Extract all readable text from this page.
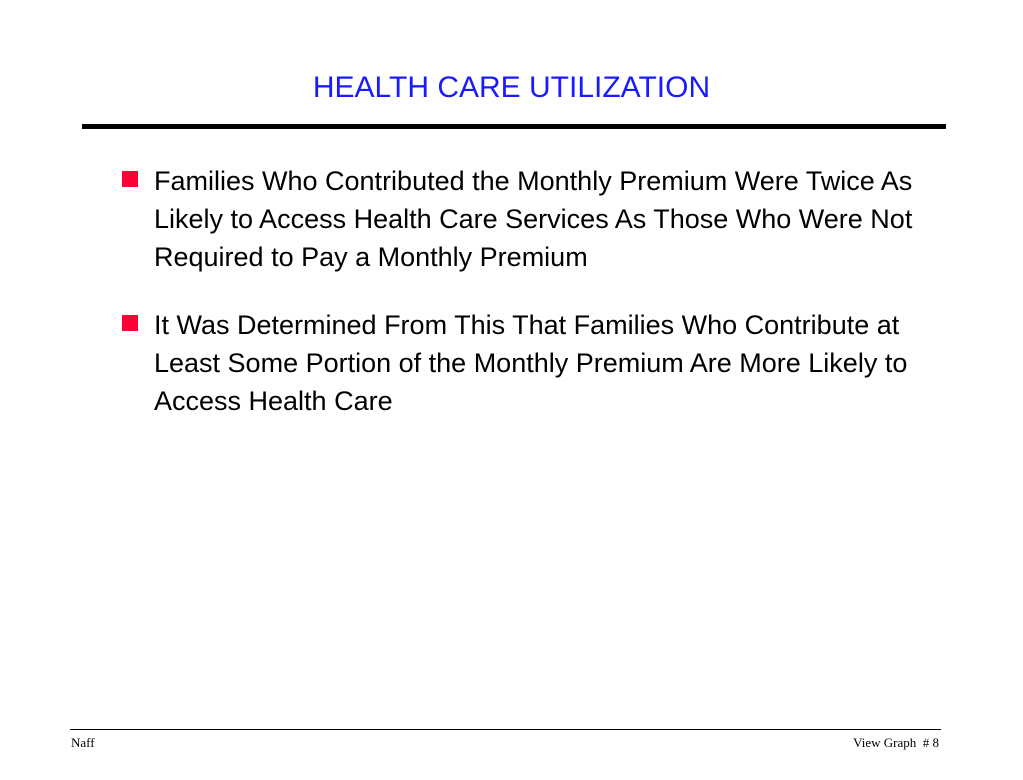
HEALTH CARE UTILIZATION
Families Who Contributed the Monthly Premium Were Twice As Likely to Access Health Care Services As Those Who Were Not Required to Pay a Monthly Premium
It Was Determined From This That Families Who Contribute at Least Some Portion of the Monthly Premium Are More Likely to Access Health Care
Naff	View Graph  # 8
